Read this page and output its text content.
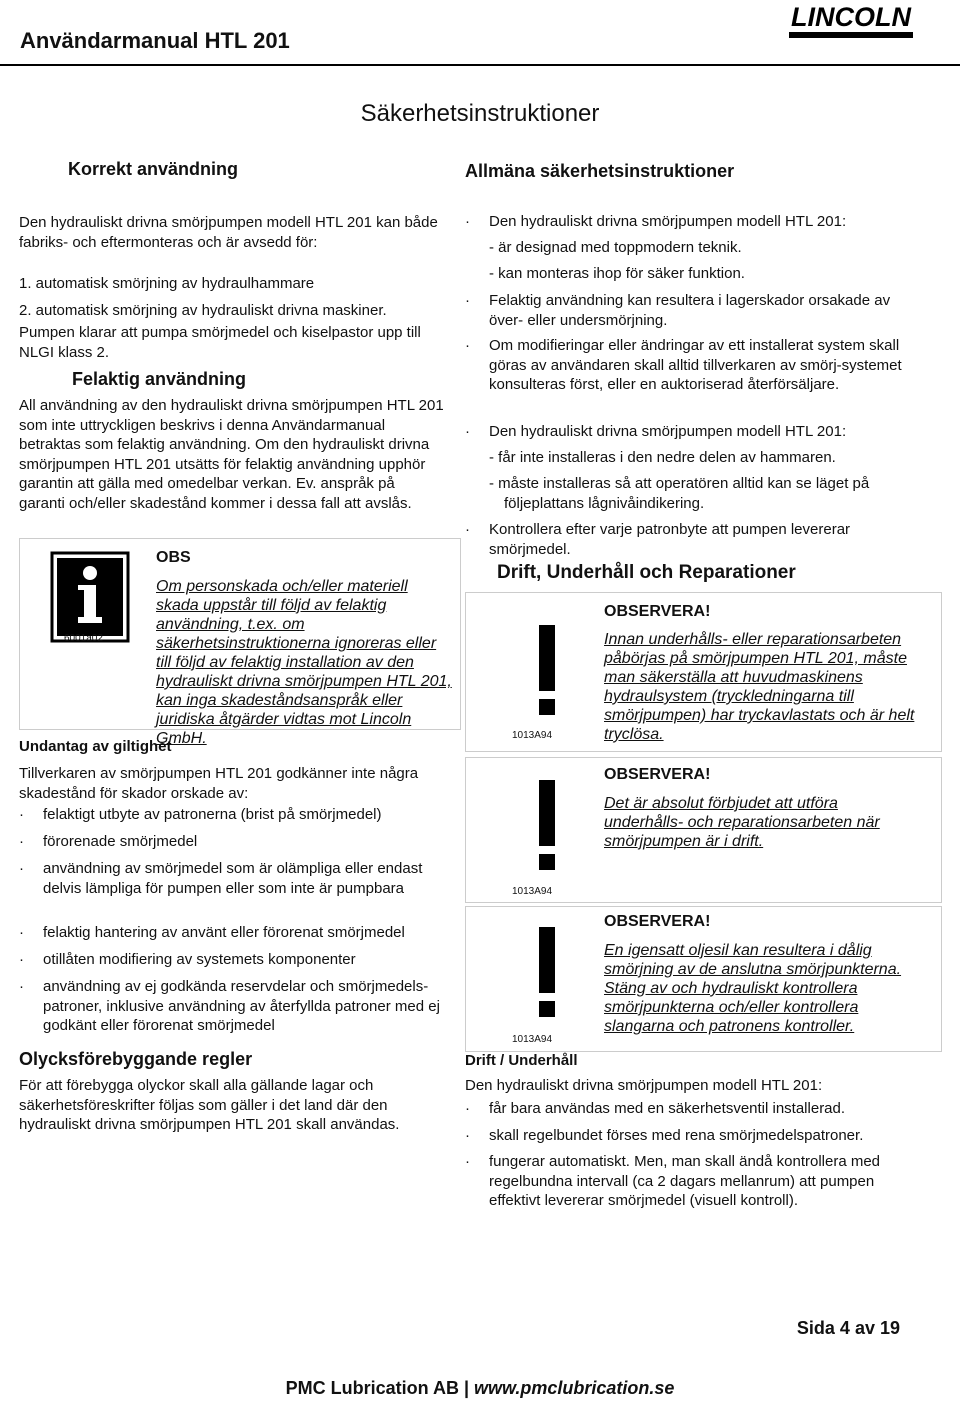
Användarmanual HTL 201
LINCOLN
Säkerhetsinstruktioner
Korrekt användning
Den hydrauliskt drivna smörjpumpen modell HTL 201 kan både fabriks- och eftermonteras och är avsedd för:
1. automatisk smörjning av hydraulhammare
2. automatisk smörjning av hydrauliskt drivna maskiner.
Pumpen klarar att pumpa smörjmedel och kiselpastor upp till NLGI klass 2.
Felaktig användning
All användning av den hydrauliskt drivna smörjpumpen HTL 201 som inte uttryckligen beskrivs i denna Användarmanual betraktas som felaktig användning. Om den hydrauliskt drivna smörjpumpen HTL 201 utsätts för felaktig användning upphör garantin att gälla med omedelbar verkan. Ev. anspråk på garanti och/eller skadestånd kommer i dessa fall att avslås.
6001a02
OBS
Om personskada och/eller materiell skada uppstår till följd av felaktig användning, t.ex. om säkerhetsinstruktionerna ignoreras eller till följd av felaktig installation av den hydrauliskt drivna smörjpumpen HTL 201, kan inga skadeståndsanspråk eller juridiska åtgärder vidtas mot Lincoln GmbH.
Undantag av giltighet
Tillverkaren av smörjpumpen HTL 201 godkänner inte några skadestånd för skador orskade av:
· felaktigt utbyte av patronerna (brist på smörjmedel)
· förorenade smörjmedel
· användning av smörjmedel som är olämpliga eller endast delvis lämpliga för pumpen eller som inte är pumpbara
· felaktig hantering av använt eller förorenat smörjmedel
· otillåten modifiering av systemets komponenter
· användning av ej godkända reservdelar och smörjmedels-patroner, inklusive användning av återfyllda patroner med ej godkänt eller förorenat smörjmedel
Olycksförebyggande regler
För att förebygga olyckor skall alla gällande lagar och säkerhetsföreskrifter följas som gäller i det land där den hydrauliskt drivna smörjpumpen HTL 201 skall användas.
Allmäna säkerhetsinstruktioner
· Den hydrauliskt drivna smörjpumpen modell HTL 201:
- är designad med toppmodern teknik.
- kan monteras ihop för säker funktion.
· Felaktig användning kan resultera i lagerskador orsakade av över- eller undersmörjning.
· Om modifieringar eller ändringar av ett installerat system skall göras av användaren skall alltid tillverkaren av smörj-systemet konsulteras först, eller en auktoriserad återförsäljare.
· Den hydrauliskt drivna smörjpumpen modell HTL 201:
- får inte installeras i den nedre delen av hammaren.
- måste installeras så att operatören alltid kan se läget på följeplattans lågnivåindikering.
· Kontrollera efter varje patronbyte att pumpen levererar smörjmedel.
Drift, Underhåll och Reparationer
1013A94
OBSERVERA!
Innan underhålls- eller reparationsarbeten påbörjas på smörjpumpen HTL 201, måste man säkerställa att huvudmaskinens hydraulsystem (tryckledningarna till smörjpumpen) har tryckavlastats och är helt tryclösa.
1013A94
OBSERVERA!
Det är absolut förbjudet att utföra underhålls- och reparationsarbeten när smörjpumpen är i drift.
1013A94
OBSERVERA!
En igensatt oljesil kan resultera i dålig smörjning av de anslutna smörjpunkterna. Stäng av och hydrauliskt kontrollera smörjpunkterna och/eller kontrollera slangarna och patronens kontroller.
Drift / Underhåll
Den hydrauliskt drivna smörjpumpen modell HTL 201:
· får bara användas med en säkerhetsventil installerad.
· skall regelbundet förses med rena smörjmedelspatroner.
· fungerar automatiskt. Men, man skall ändå kontrollera med regelbundna intervall (ca 2 dagars mellanrum) att pumpen effektivt levererar smörjmedel (visuell kontroll).
Sida 4 av 19
PMC Lubrication AB | www.pmclubrication.se
